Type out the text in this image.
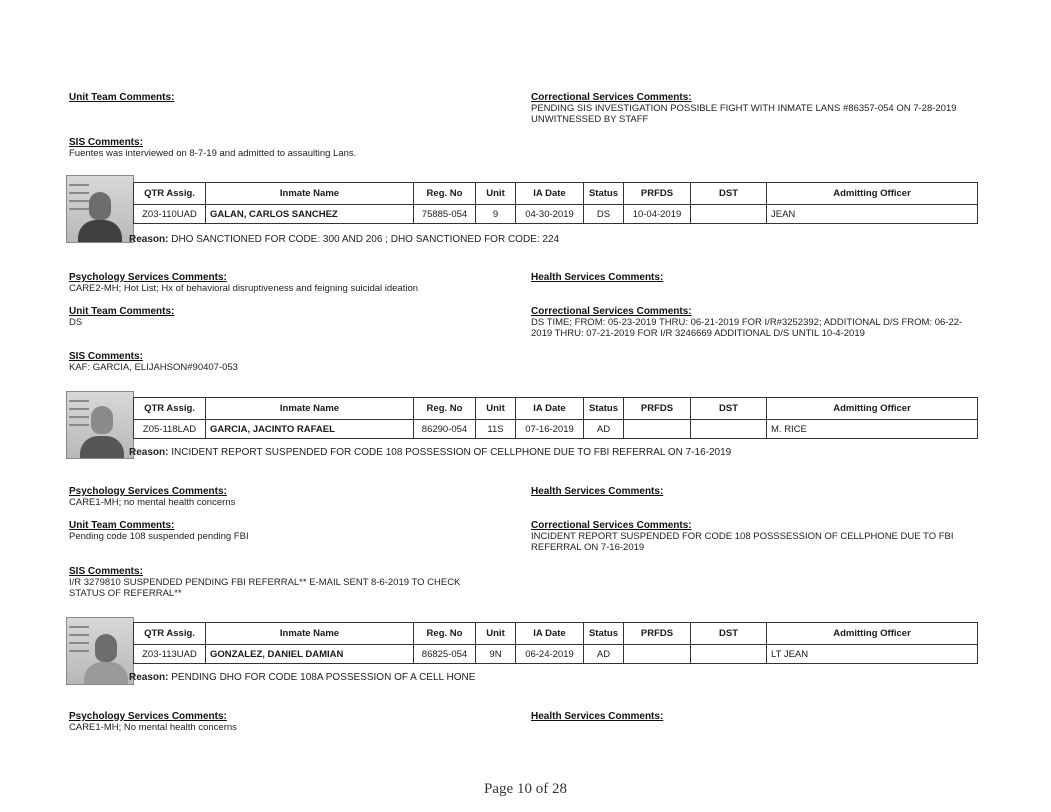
Unit Team Comments:	Correctional Services Comments:
PENDING SIS INVESTIGATION POSSIBLE FIGHT WITH INMATE LANS #86357-054 ON 7-28-2019 UNWITNESSED BY STAFF
SIS Comments:
Fuentes was interviewed on 8-7-19 and admitted to assaulting Lans.
QTR Assig.	Inmate Name	Reg. No	Unit	IA Date	Status	PRFDS	DST	Admitting Officer
Z03-110UAD	GALAN, CARLOS SANCHEZ	75885-054	9	04-30-2019	DS	10-04-2019		JEAN
Reason: DHO SANCTIONED FOR CODE: 300 AND 206 ; DHO SANCTIONED FOR CODE: 224
Psychology Services Comments:
CARE2-MH; Hot List; Hx of behavioral disruptiveness and feigning suicidal ideation
Health Services Comments:
Unit Team Comments:
DS
Correctional Services Comments:
DS TIME; FROM: 05-23-2019 THRU: 06-21-2019 FOR I/R#3252392; ADDITIONAL D/S FROM: 06-22-2019 THRU: 07-21-2019 FOR I/R 3246669 ADDITIONAL D/S UNTIL 10-4-2019
SIS Comments:
KAF: GARCIA, ELIJAHSON#90407-053
QTR Assig.	Inmate Name	Reg. No	Unit	IA Date	Status	PRFDS	DST	Admitting Officer
Z05-118LAD	GARCIA, JACINTO RAFAEL	86290-054	11S	07-16-2019	AD			M. RICE
Reason: INCIDENT REPORT SUSPENDED FOR CODE 108 POSSESSION OF CELLPHONE DUE TO FBI REFERRAL ON 7-16-2019
Psychology Services Comments:
CARE1-MH; no mental health concerns
Health Services Comments:
Unit Team Comments:
Pending code 108 suspended pending FBI
Correctional Services Comments:
INCIDENT REPORT SUSPENDED FOR CODE 108 POSSSESSION OF CELLPHONE DUE TO FBI REFERRAL ON 7-16-2019
SIS Comments:
I/R 3279810 SUSPENDED PENDING FBI REFERRAL** E-MAIL SENT 8-6-2019 TO CHECK STATUS OF REFERRAL**
QTR Assig.	Inmate Name	Reg. No	Unit	IA Date	Status	PRFDS	DST	Admitting Officer
Z03-113UAD	GONZALEZ, DANIEL DAMIAN	86825-054	9N	06-24-2019	AD			LT JEAN
Reason: PENDING DHO FOR CODE 108A POSSESSION OF A CELL HONE
Psychology Services Comments:
CARE1-MH; No mental health concerns
Health Services Comments:
Page 10 of 28
